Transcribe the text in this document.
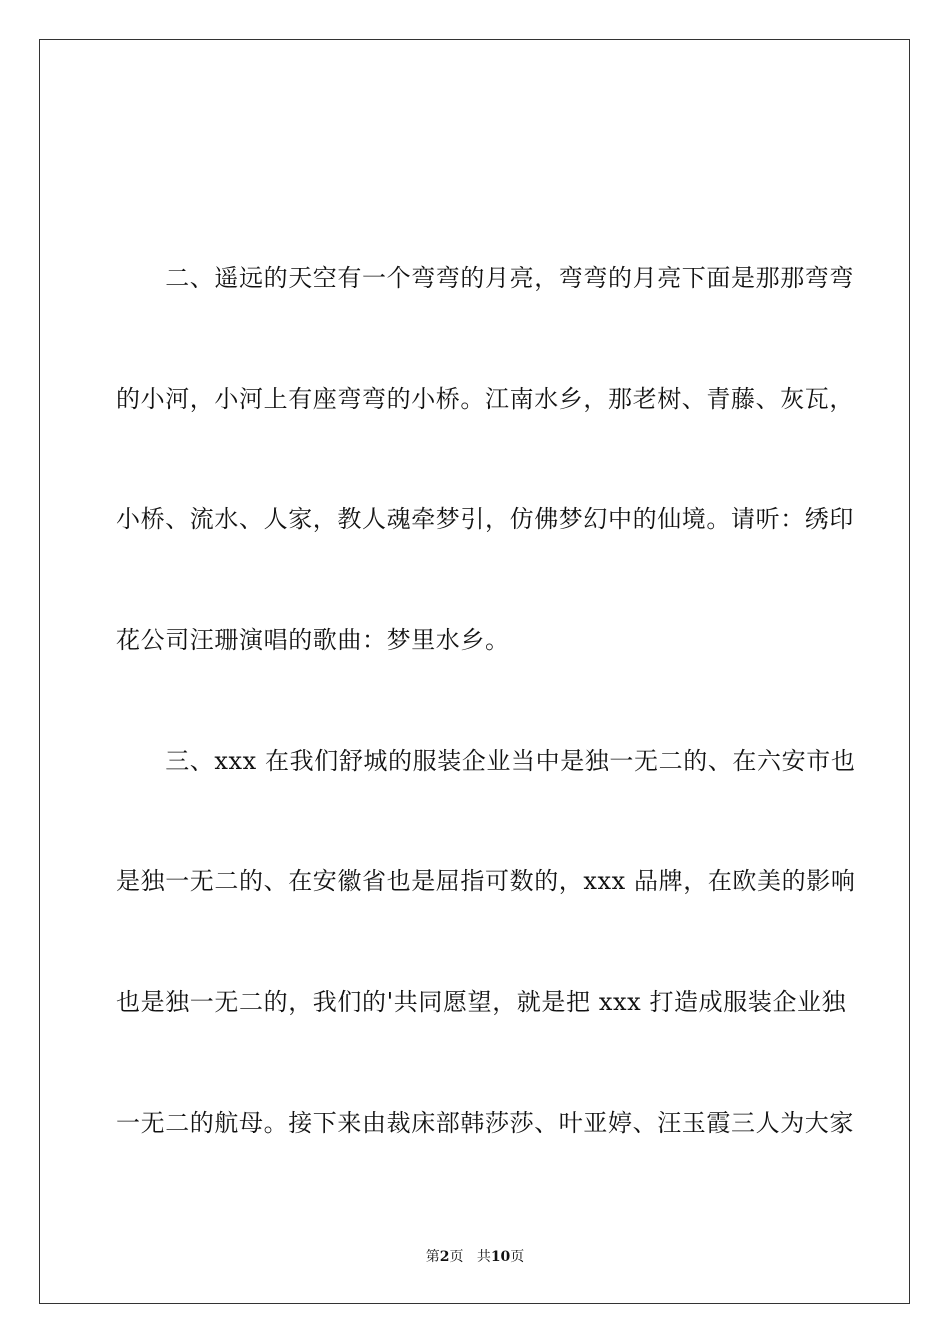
　　二、遥远的天空有一个弯弯的月亮，弯弯的月亮下面是那那弯弯
的小河，小河上有座弯弯的小桥。江南水乡，那老树、青藤、灰瓦，
小桥、流水、人家，教人魂牵梦引，仿佛梦幻中的仙境。请听：绣印
花公司汪珊演唱的歌曲：梦里水乡。
　　三、xxx 在我们舒城的服装企业当中是独一无二的、在六安市也
是独一无二的、在安徽省也是屈指可数的，xxx 品牌，在欧美的影响
也是独一无二的，我们的'共同愿望，就是把 xxx 打造成服装企业独
一无二的航母。接下来由裁床部韩莎莎、叶亚婷、汪玉霞三人为大家
第2页 共10页
